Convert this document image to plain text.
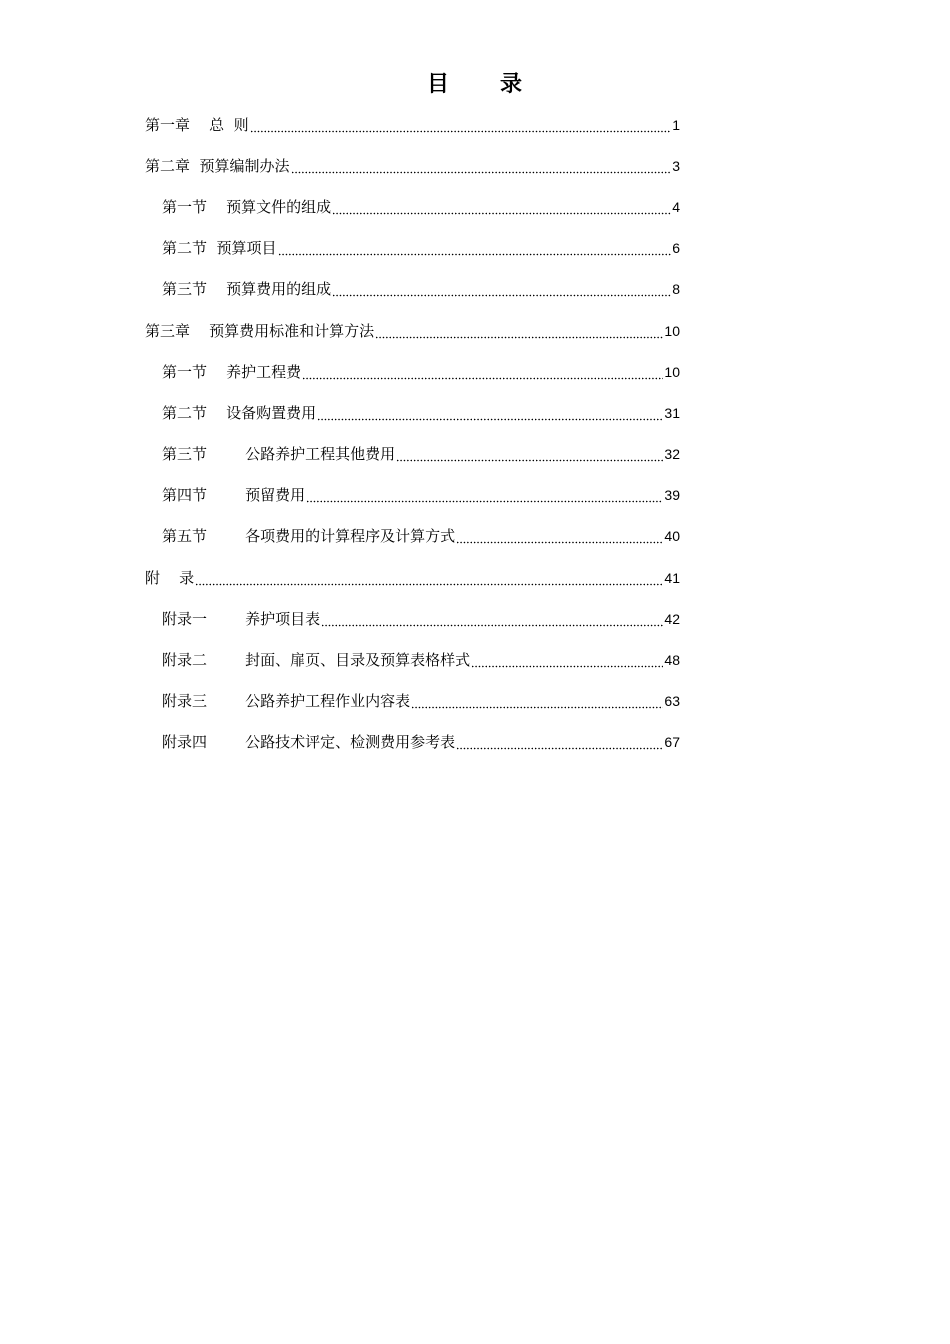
目 录
第一章    总  则	1
第二章  预算编制办法	3
第一节    预算文件的组成	4
第二节  预算项目	6
第三节    预算费用的组成	8
第三章    预算费用标准和计算方法	10
第一节    养护工程费	10
第二节    设备购置费用	31
第三节        公路养护工程其他费用	32
第四节        预留费用	39
第五节        各项费用的计算程序及计算方式	40
附    录	41
附录一        养护项目表	42
附录二        封面、扉页、目录及预算表格样式	48
附录三        公路养护工程作业内容表	63
附录四        公路技术评定、检测费用参考表	67
